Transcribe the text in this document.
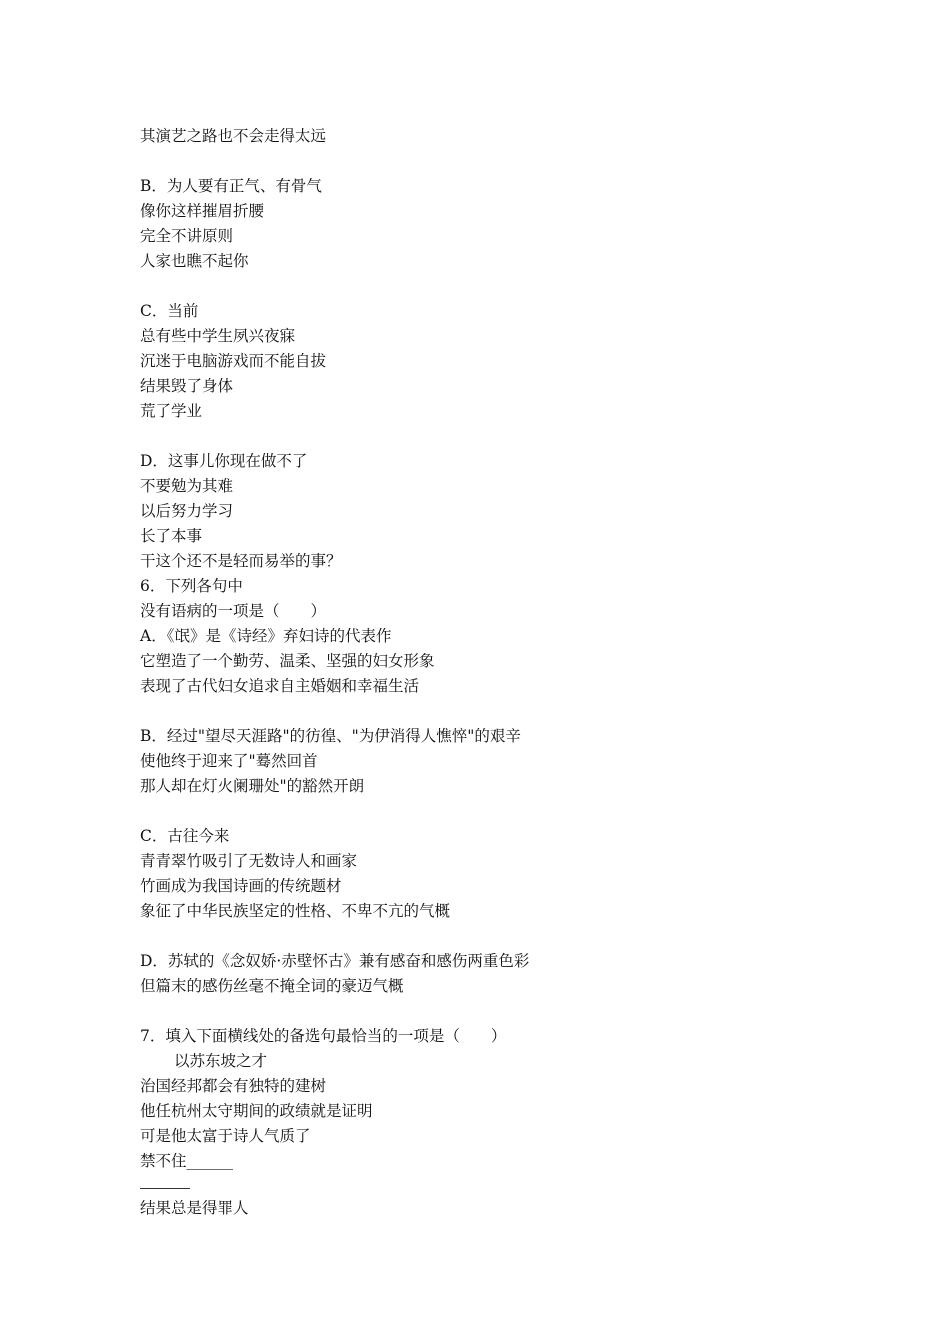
其演艺之路也不会走得太远
B．为人要有正气、有骨气
像你这样摧眉折腰
完全不讲原则
人家也瞧不起你
C．当前
总有些中学生夙兴夜寐
沉迷于电脑游戏而不能自拔
结果毁了身体
荒了学业
D．这事儿你现在做不了
不要勉为其难
以后努力学习
长了本事
干这个还不是轻而易举的事？
6．下列各句中
没有语病的一项是（　　）
A．《氓》是《诗经》弃妇诗的代表作
它塑造了一个勤劳、温柔、坚强的妇女形象
表现了古代妇女追求自主婚姻和幸福生活
B．经过"望尽天涯路"的彷徨、"为伊消得人憔悴"的艰辛
使他终于迎来了"蓦然回首
那人却在灯火阑珊处"的豁然开朗
C．古往今来
青青翠竹吸引了无数诗人和画家
竹画成为我国诗画的传统题材
象征了中华民族坚定的性格、不卑不亢的气概
D．苏轼的《念奴娇·赤壁怀古》兼有感奋和感伤两重色彩
但篇末的感伤丝毫不掩全词的豪迈气概
7．填入下面横线处的备选句最恰当的一项是（　　）
以苏东坡之才
治国经邦都会有独特的建树
他任杭州太守期间的政绩就是证明
可是他太富于诗人气质了
禁不住______
结果总是得罪人
